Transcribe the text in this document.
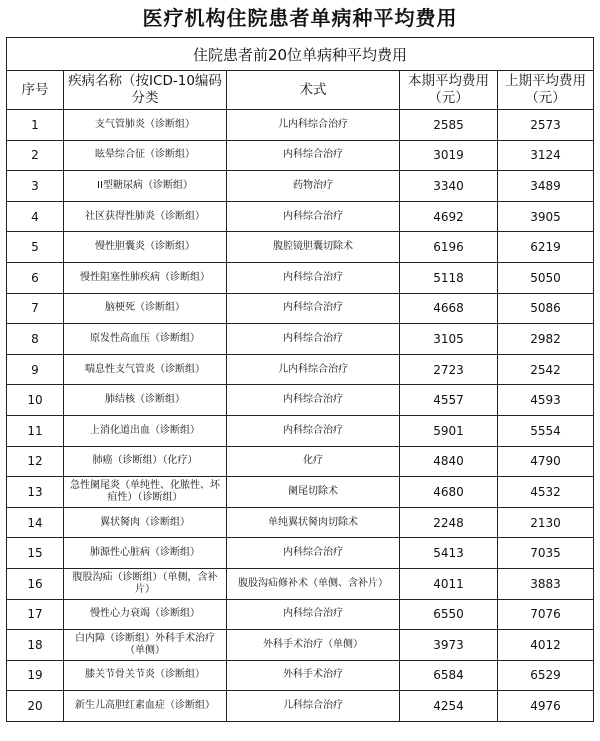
医疗机构住院患者单病种平均费用
住院患者前20位单病种平均费用				
序号	疾病名称（按ICD-10编码分类	术式	本期平均费用（元）	上期平均费用（元）
1	支气管肺炎（诊断组）	儿内科综合治疗	2585	2573
2	眩晕综合征（诊断组）	内科综合治疗	3019	3124
3	II型糖尿病（诊断组）	药物治疗	3340	3489
4	社区获得性肺炎（诊断组）	内科综合治疗	4692	3905
5	慢性胆囊炎（诊断组）	腹腔镜胆囊切除术	6196	6219
6	慢性阻塞性肺疾病（诊断组）	内科综合治疗	5118	5050
7	脑梗死（诊断组）	内科综合治疗	4668	5086
8	原发性高血压（诊断组）	内科综合治疗	3105	2982
9	喘息性支气管炎（诊断组）	儿内科综合治疗	2723	2542
10	肺结核（诊断组）	内科综合治疗	4557	4593
11	上消化道出血（诊断组）	内科综合治疗	5901	5554
12	肺癌（诊断组）（化疗）	化疗	4840	4790
13	急性阑尾炎（单纯性、化脓性、坏疽性）（诊断组）	阑尾切除术	4680	4532
14	翼状胬肉（诊断组）	单纯翼状胬肉切除术	2248	2130
15	肺源性心脏病（诊断组）	内科综合治疗	5413	7035
16	腹股沟疝（诊断组）（单侧，含补片）	腹股沟疝修补术（单侧、含补片）	4011	3883
17	慢性心力衰竭（诊断组）	内科综合治疗	6550	7076
18	白内障（诊断组）外科手术治疗（单侧）	外科手术治疗（单侧）	3973	4012
19	膝关节骨关节炎（诊断组）	外科手术治疗	6584	6529
20	新生儿高胆红素血症（诊断组）	儿科综合治疗	4254	4976
